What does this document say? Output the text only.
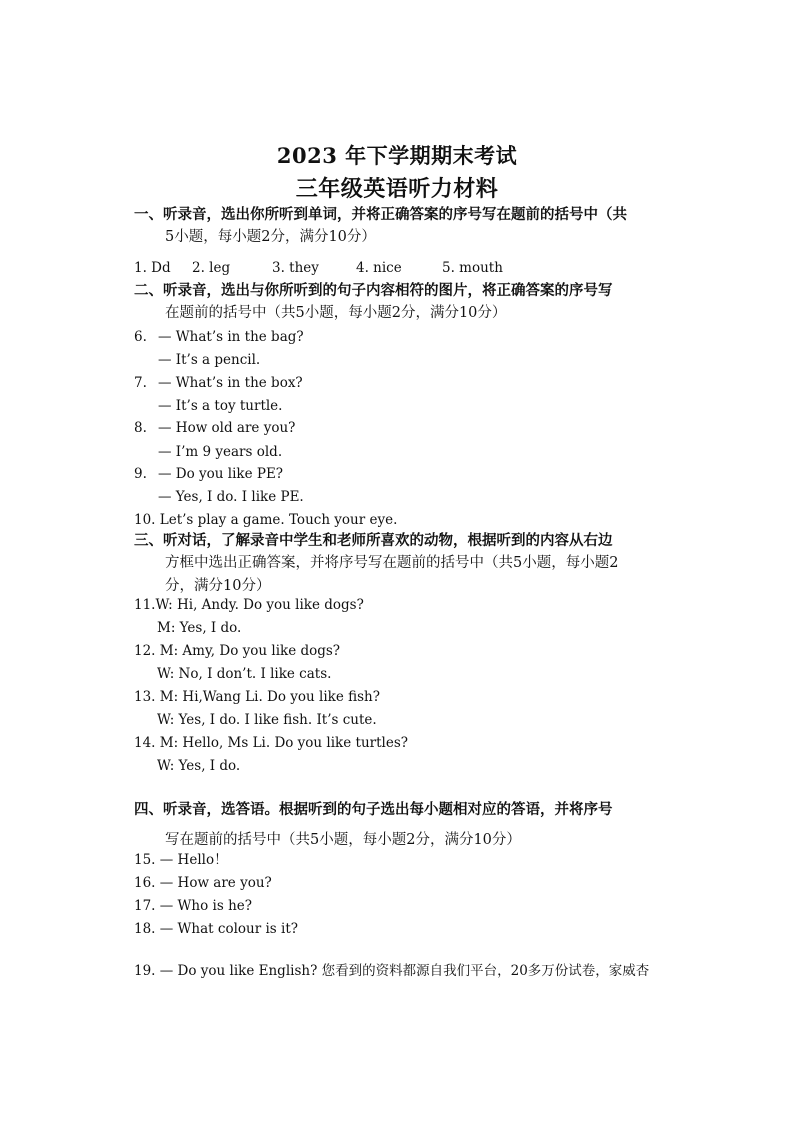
2023 年下学期期末考试
三年级英语听力材料
一、听录音，选出你所听到单词，并将正确答案的序号写在题前的括号中（共
5小题，每小题2分，满分10分）
1. Dd 2. leg	3. they	4. nice	5. mouth
二、听录音，选出与你所听到的句子内容相符的图片，将正确答案的序号写
在题前的括号中（共5小题，每小题2分，满分10分）
6. — What’s in the bag?
— It’s a pencil.
7. — What’s in the box?
— It’s a toy turtle.
8. — How old are you?
— I’m 9 years old.
9. — Do you like PE?
— Yes, I do. I like PE.
10. Let’s play a game. Touch your eye.
三、听对话，了解录音中学生和老师所喜欢的动物，根据听到的内容从右边
方框中选出正确答案，并将序号写在题前的括号中（共5小题，每小题2
分，满分10分）
11.W: Hi, Andy. Do you like dogs?
M: Yes, I do.
12. M: Amy, Do you like dogs?
W: No, I don’t. I like cats.
13. M: Hi,Wang Li. Do you like fish?
W: Yes, I do. I like fish. It’s cute.
14. M: Hello, Ms Li. Do you like turtles?
W: Yes, I do.
四、听录音，选答语。根据听到的句子选出每小题相对应的答语，并将序号
写在题前的括号中（共5小题，每小题2分，满分10分）
15. — Hello！
16. — How are you?
17. — Who is he?
18. — What colour is it?
19. — Do you like English? 您看到的资料都源自我们平台，20多万份试卷，家威杏
